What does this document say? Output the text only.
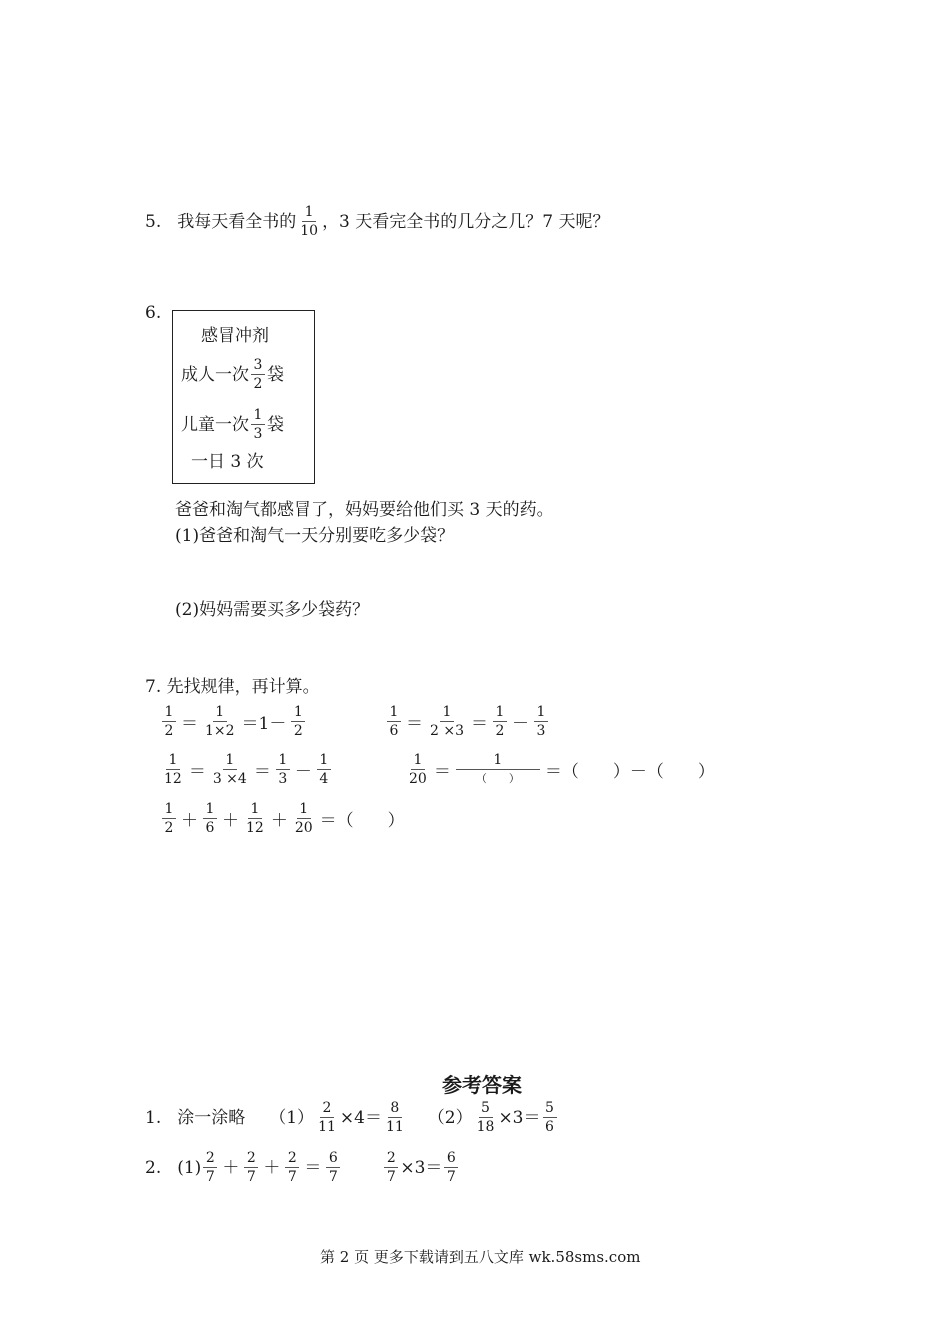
5. 我每天看全书的 $\frac{1}{10}$ ，3 天看完全书的几分之几？7 天呢？
6.
感冒冲剂
成人一次 $\frac{3}{2}$ 袋
儿童一次 $\frac{1}{3}$ 袋
一日 3 次
爸爸和淘气都感冒了，妈妈要给他们买 3 天的药。
(1)爸爸和淘气一天分别要吃多少袋？
(2)妈妈需要买多少袋药？
7. 先找规律，再计算。
$\frac{1}{2} = \frac{1}{1\times 2} =1- \frac{1}{2}$	$\frac{1}{6} = \frac{1}{2 \times 3} = \frac{1}{2} - \frac{1}{3}$
$\frac{1}{12} = \frac{1}{3 \times 4} = \frac{1}{3} - \frac{1}{4}$	$\frac{1}{20} = \frac{1}{( )}$ ＝（　　）－（　　）
$\frac{1}{2} + \frac{1}{6} + \frac{1}{12} + \frac{1}{20}$ ＝（　　）
参考答案
1. 涂一涂略 $(1) \frac{2}{11} \times 4= \frac{8}{11} (2) \frac{5}{18} \times 3= \frac{5}{6}$
2. $(1) \frac{2}{7} + \frac{2}{7} + \frac{2}{7} = \frac{6}{7}$	$\frac{2}{7} \times 3= \frac{6}{7}$
第 2 页 更多下载请到五八文库 wk.58sms.com
